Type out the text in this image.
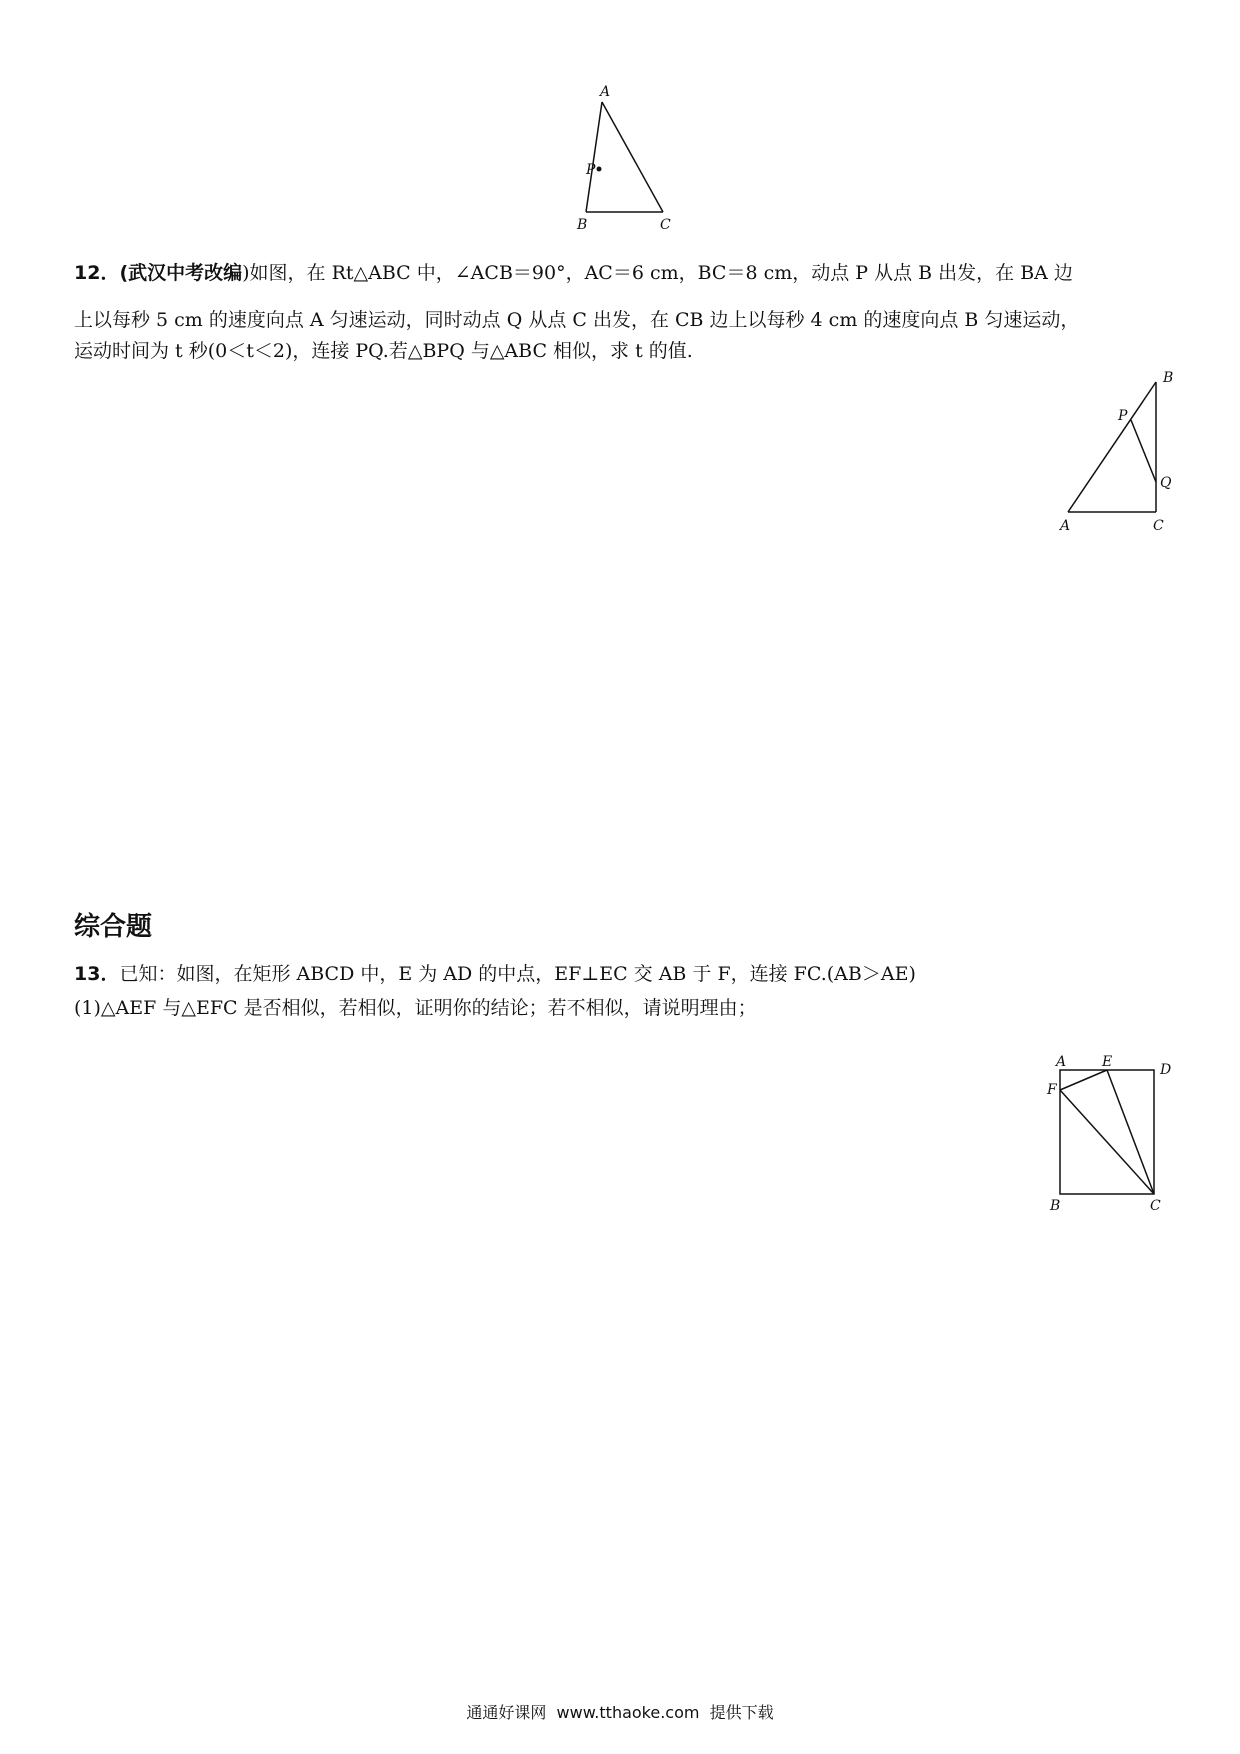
A
P
B	C
12．(武汉中考改编)如图，在 Rt△ABC 中，∠ACB＝90°，AC＝6 cm，BC＝8 cm，动点 P 从点 B 出发，在 BA 边
上以每秒 5 cm 的速度向点 A 匀速运动，同时动点 Q 从点 C 出发，在 CB 边上以每秒 4 cm 的速度向点 B 匀速运动，
运动时间为 t 秒(0＜t＜2)，连接 PQ.若△BPQ 与△ABC 相似，求 t 的值.
B
P
Q
A	C
综合题
13．已知：如图，在矩形 ABCD 中，E 为 AD 的中点，EF⊥EC 交 AB 于 F，连接 FC.(AB＞AE)
(1)△AEF 与△EFC 是否相似，若相似，证明你的结论；若不相似，请说明理由；
A	E	D
F
B	C
通通好课网  www.tthaoke.com  提供下载
